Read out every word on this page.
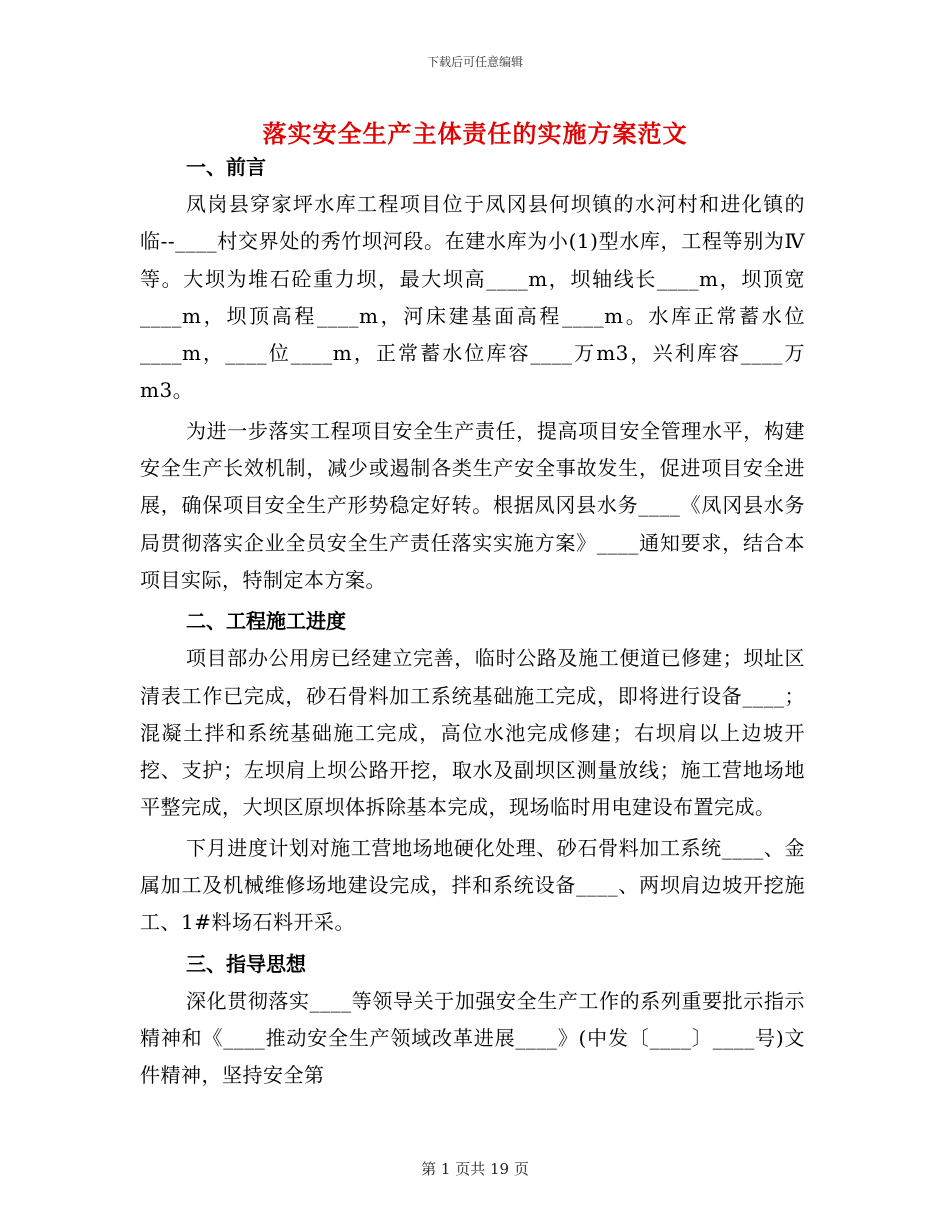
下载后可任意编辑
落实安全生产主体责任的实施方案范文

一、前言

凤岗县穿家坪水库工程项目位于凤冈县何坝镇的水河村和进化镇的临--____村交界处的秀竹坝河段。在建水库为小(1)型水库，工程等别为Ⅳ等。大坝为堆石砼重力坝，最大坝高____m，坝轴线长____m，坝顶宽____m，坝顶高程____m，河床建基面高程____m。水库正常蓄水位____m，____位____m，正常蓄水位库容____万m3，兴利库容____万m3。

为进一步落实工程项目安全生产责任，提高项目安全管理水平，构建安全生产长效机制，减少或遏制各类生产安全事故发生，促进项目安全进展，确保项目安全生产形势稳定好转。根据凤冈县水务____《凤冈县水务局贯彻落实企业全员安全生产责任落实实施方案》____通知要求，结合本项目实际，特制定本方案。

二、工程施工进度

项目部办公用房已经建立完善，临时公路及施工便道已修建；坝址区清表工作已完成，砂石骨料加工系统基础施工完成，即将进行设备____；混凝土拌和系统基础施工完成，高位水池完成修建；右坝肩以上边坡开挖、支护；左坝肩上坝公路开挖，取水及副坝区测量放线；施工营地场地平整完成，大坝区原坝体拆除基本完成，现场临时用电建设布置完成。

下月进度计划对施工营地场地硬化处理、砂石骨料加工系统____、金属加工及机械维修场地建设完成，拌和系统设备____、两坝肩边坡开挖施工、1#料场石料开采。

三、指导思想

深化贯彻落实____等领导关于加强安全生产工作的系列重要批示指示精神和《____推动安全生产领域改革进展____》(中发〔____〕____号)文件精神，坚持安全第

第 1 页共 19 页
